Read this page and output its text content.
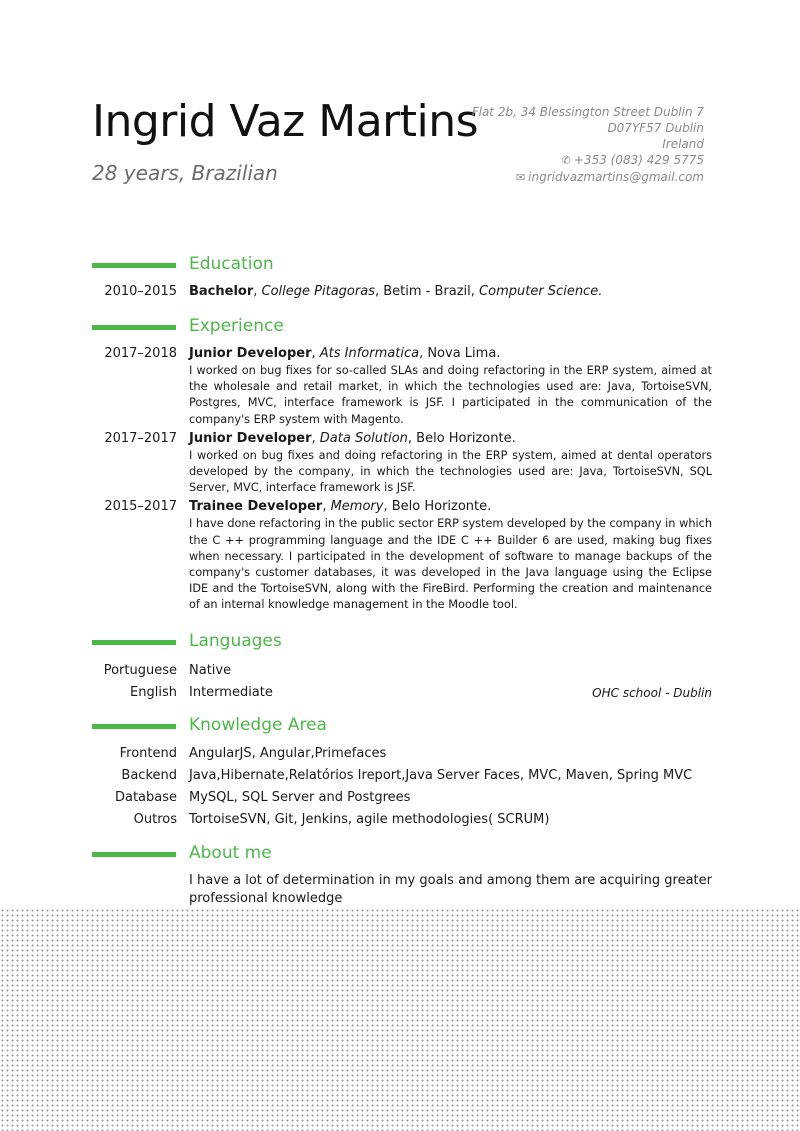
Ingrid Vaz Martins
28 years, Brazilian
Flat 2b, 34 Blessington Street Dublin 7
D07YF57 Dublin
Ireland
✆ +353 (083) 429 5775
✉ ingridvazmartins@gmail.com
Education
2010–2015 Bachelor, College Pitagoras, Betim - Brazil, Computer Science.
Experience
2017–2018 Junior Developer, Ats Informatica, Nova Lima.
I worked on bug fixes for so-called SLAs and doing refactoring in the ERP system, aimed at the wholesale and retail market, in which the technologies used are: Java, TortoiseSVN, Postgres, MVC, interface framework is JSF. I participated in the communication of the company's ERP system with Magento.
2017–2017 Junior Developer, Data Solution, Belo Horizonte.
I worked on bug fixes and doing refactoring in the ERP system, aimed at dental operators developed by the company, in which the technologies used are: Java, TortoiseSVN, SQL Server, MVC, interface framework is JSF.
2015–2017 Trainee Developer, Memory, Belo Horizonte.
I have done refactoring in the public sector ERP system developed by the company in which the C ++ programming language and the IDE C ++ Builder 6 are used, making bug fixes when necessary. I participated in the development of software to manage backups of the company's customer databases, it was developed in the Java language using the Eclipse IDE and the TortoiseSVN, along with the FireBird. Performing the creation and maintenance of an internal knowledge management in the Moodle tool.
Languages
Portuguese Native
English Intermediate	OHC school - Dublin
Knowledge Area
Frontend AngularJS, Angular,Primefaces
Backend Java,Hibernate,Relatórios Ireport,Java Server Faces, MVC, Maven, Spring MVC
Database MySQL, SQL Server and Postgrees
Outros TortoiseSVN, Git, Jenkins, agile methodologies( SCRUM)
About me
I have a lot of determination in my goals and among them are acquiring greater professional knowledge
